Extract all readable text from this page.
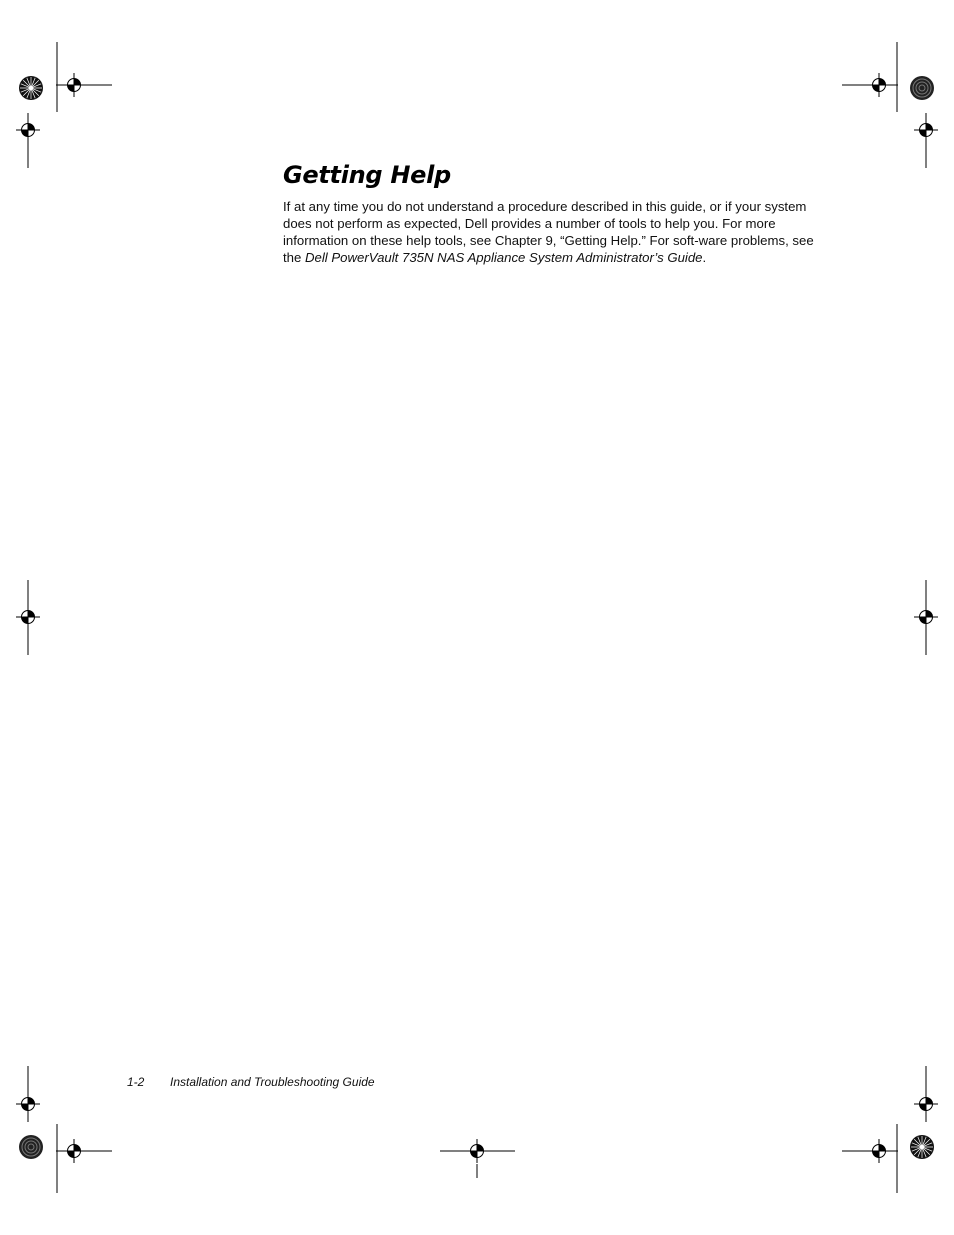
Getting Help

If at any time you do not understand a procedure described in this guide, or if your system does not perform as expected, Dell provides a number of tools to help you. For more information on these help tools, see Chapter 9, “Getting Help.” For soft-ware problems, see the Dell PowerVault 735N NAS Appliance System Administrator’s Guide.

1-2 Installation and Troubleshooting Guide
